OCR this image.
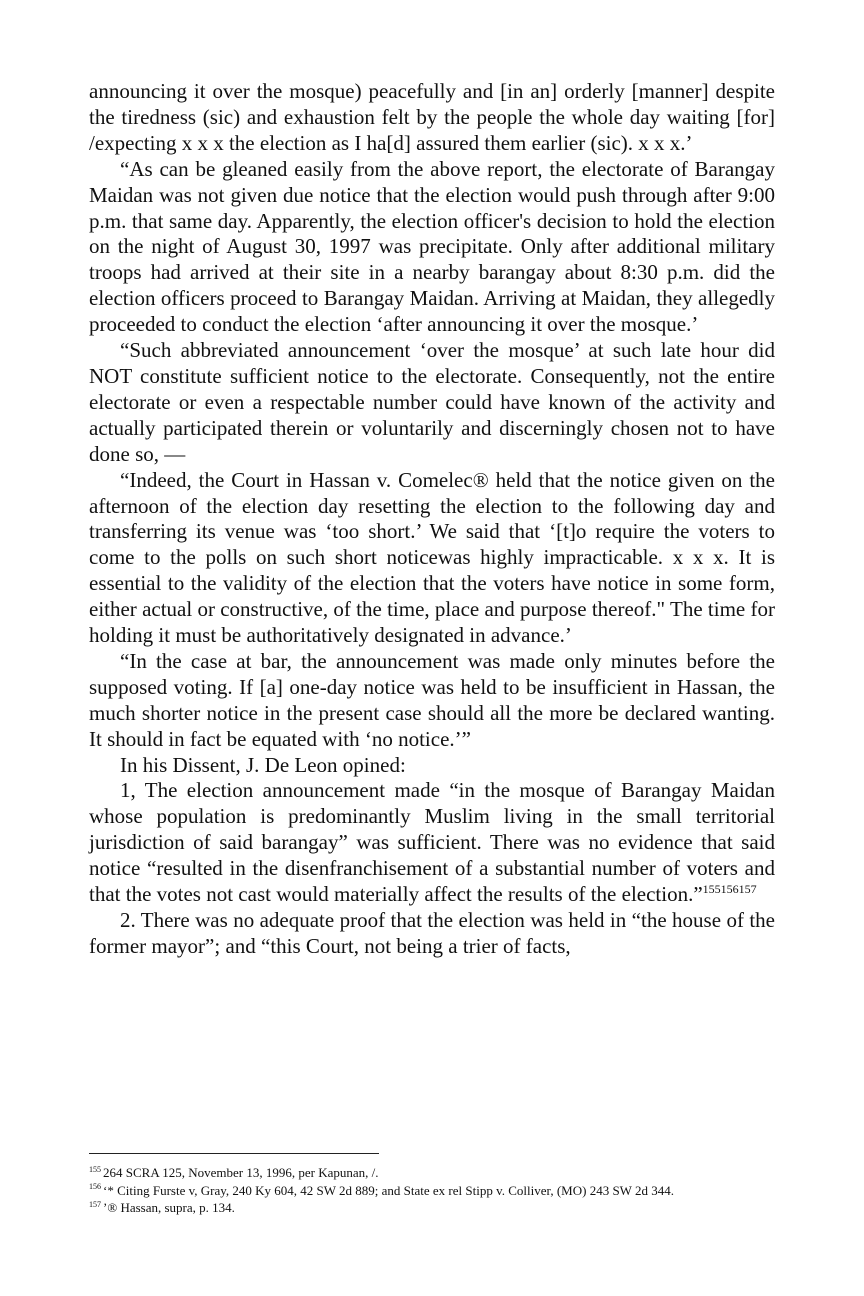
announcing it over the mosque) peacefully and [in an] orderly [manner] despite the tiredness (sic) and exhaustion felt by the people the whole day waiting [for] /expecting x x x the election as I ha[d] assured them earlier (sic). x x x.’

“As can be gleaned easily from the above report, the electorate of Barangay Maidan was not given due notice that the election would push through after 9:00 p.m. that same day. Apparently, the election officer's decision to hold the election on the night of August 30, 1997 was precipitate. Only after additional military troops had arrived at their site in a nearby barangay about 8:30 p.m. did the election officers proceed to Barangay Maidan. Arriving at Maidan, they allegedly proceeded to conduct the election ‘after announcing it over the mosque.’

“Such abbreviated announcement ‘over the mosque’ at such late hour did NOT constitute sufficient notice to the electorate. Consequently, not the entire electorate or even a respectable number could have known of the activity and actually participated therein or voluntarily and discerningly chosen not to have done so, —

“Indeed, the Court in Hassan v. Comelec® held that the notice given on the afternoon of the election day resetting the election to the following day and transferring its venue was ‘too short.’ We said that ‘[t]o require the voters to come to the polls on such short noticewas highly impracticable. x x x. It is essential to the validity of the election that the voters have notice in some form, either actual or constructive, of the time, place and purpose thereof." The time for holding it must be authoritatively designated in advance.’

“In the case at bar, the announcement was made only minutes before the supposed voting. If [a] one-day notice was held to be insufficient in Hassan, the much shorter notice in the present case should all the more be declared wanting. It should in fact be equated with ‘no notice.’”

In his Dissent, J. De Leon opined:

1, The election announcement made “in the mosque of Barangay Maidan whose population is predominantly Muslim living in the small territorial jurisdiction of said barangay” was sufficient. There was no evidence that said notice “resulted in the disenfranchisement of a substantial number of voters and that the votes not cast would materially affect the results of the election.”$^{155156157}$

2. There was no adequate proof that the election was held in “the house of the former mayor”; and “this Court, not being a trier of facts,

$^{155}$ 264 SCRA 125, November 13, 1996, per Kapunan, /.
$^{156}$ ‘* Citing Furste v, Gray, 240 Ky 604, 42 SW 2d 889; and State ex rel Stipp v. Colliver, (MO) 243 SW 2d 344.
$^{157}$ ’® Hassan, supra, p. 134.
